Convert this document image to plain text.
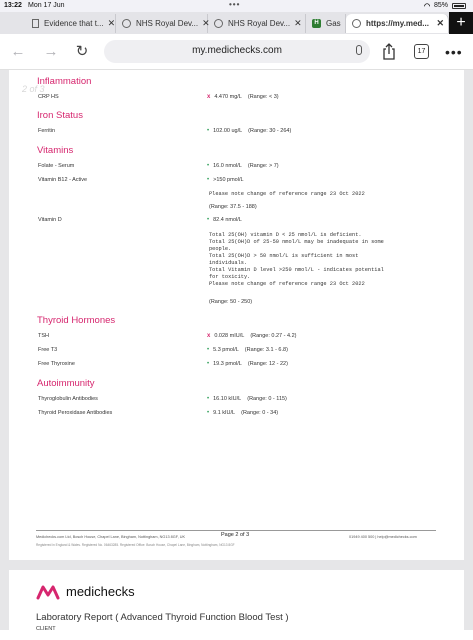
13:22 Mon 17 Jun	•••	◠ 85%
Evidence that t... ✕	NHS Royal Dev... ✕ NHS Royal Dev... ✕	H Gas	https://my.med... ✕ +
← → ↻	my.medichecks.com	17 •••
2 of 3
Inflammation
CRP HS	x 4.470 mg/L (Range: < 3)
Iron Status
Ferritin	• 102.00 ug/L (Range: 30 - 264)
Vitamins
Folate - Serum	• 16.0 nmol/L (Range: > 7)
Vitamin B12 - Active	• >150 pmol/L
Please note change of reference range 23 Oct 2022
(Range: 37.5 - 188)
Vitamin D	• 82.4 nmol/L
Total 25(OH) vitamin D < 25 nmol/L is deficient.
Total 25(OH)D of 25-50 nmol/L may be inadequate in some
people.
Total 25(OH)D > 50 nmol/L is sufficient in most
individuals.
Total Vitamin D level >250 nmol/L - indicates potential
for toxicity.
Please note change of reference range 23 Oct 2022
(Range: 50 - 250)
Thyroid Hormones
TSH	x 0.028 mIU/L (Range: 0.27 - 4.2)
Free T3	• 5.3 pmol/L (Range: 3.1 - 6.8)
Free Thyroxine	• 19.3 pmol/L (Range: 12 - 22)
Autoimmunity
Thyroglobulin Antibodies	• 16.10 kIU/L (Range: 0 - 115)
Thyroid Peroxidase Antibodies	• 9.1 kIU/L (Range: 0 - 34)
Medichecks.com Ltd, Bosch House, Chapel Lane, Bingham, Nottingham, NG13 8GF, UK	Page 2 of 3	01949 400 500 | help@medichecks.com
Registered in England & Wales. Registered No. 06463285. Registered Office: Bosch House, Chapel Lane, Bingham, Nottingham, NG13 8GF
medichecks
Laboratory Report ( Advanced Thyroid Function Blood Test )
CLIENT
